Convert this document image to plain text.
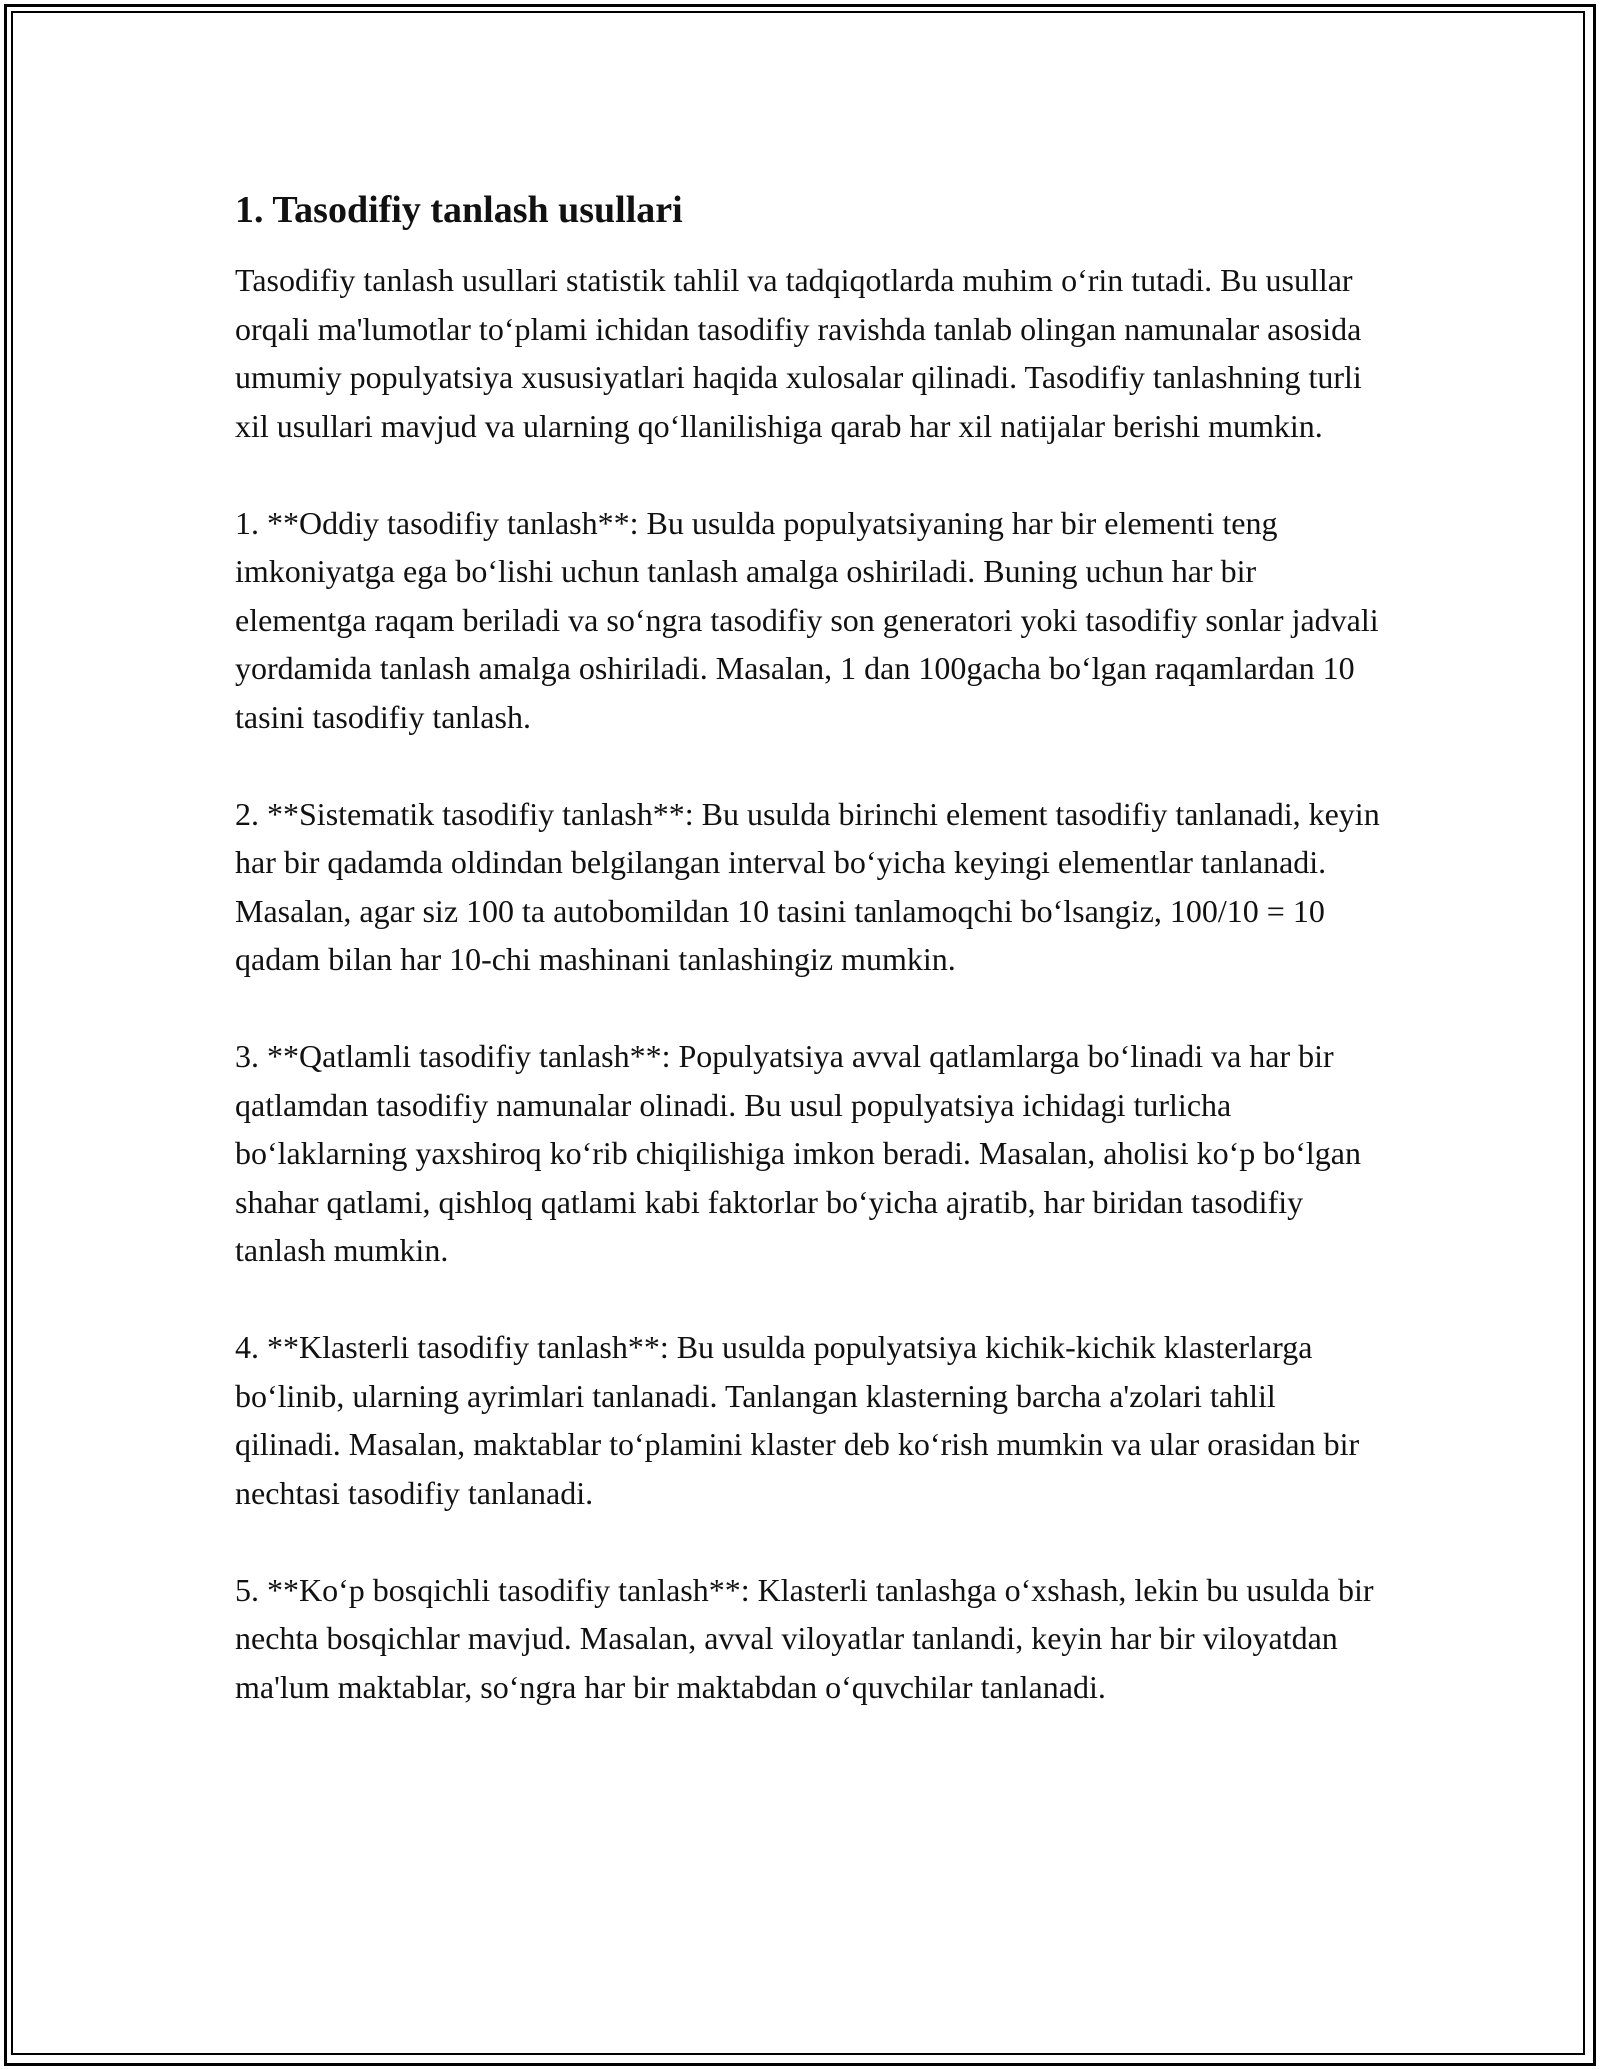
1. Tasodifiy tanlash usullari

Tasodifiy tanlash usullari statistik tahlil va tadqiqotlarda muhim o‘rin tutadi. Bu usullar orqali ma'lumotlar to‘plami ichidan tasodifiy ravishda tanlab olingan namunalar asosida umumiy populyatsiya xususiyatlari haqida xulosalar qilinadi. Tasodifiy tanlashning turli xil usullari mavjud va ularning qo‘llanilishiga qarab har xil natijalar berishi mumkin.

1. **Oddiy tasodifiy tanlash**: Bu usulda populyatsiyaning har bir elementi teng imkoniyatga ega bo‘lishi uchun tanlash amalga oshiriladi. Buning uchun har bir elementga raqam beriladi va so‘ngra tasodifiy son generatori yoki tasodifiy sonlar jadvali yordamida tanlash amalga oshiriladi. Masalan, 1 dan 100gacha bo‘lgan raqamlardan 10 tasini tasodifiy tanlash.

2. **Sistematik tasodifiy tanlash**: Bu usulda birinchi element tasodifiy tanlanadi, keyin har bir qadamda oldindan belgilangan interval bo‘yicha keyingi elementlar tanlanadi. Masalan, agar siz 100 ta autobomildan 10 tasini tanlamoqchi bo‘lsangiz, 100/10 = 10 qadam bilan har 10-chi mashinani tanlashingiz mumkin.

3. **Qatlamli tasodifiy tanlash**: Populyatsiya avval qatlamlarga bo‘linadi va har bir qatlamdan tasodifiy namunalar olinadi. Bu usul populyatsiya ichidagi turlicha bo‘laklarning yaxshiroq ko‘rib chiqilishiga imkon beradi. Masalan, aholisi ko‘p bo‘lgan shahar qatlami, qishloq qatlami kabi faktorlar bo‘yicha ajratib, har biridan tasodifiy tanlash mumkin.

4. **Klasterli tasodifiy tanlash**: Bu usulda populyatsiya kichik-kichik klasterlarga bo‘linib, ularning ayrimlari tanlanadi. Tanlangan klasterning barcha a'zolari tahlil qilinadi. Masalan, maktablar to‘plamini klaster deb ko‘rish mumkin va ular orasidan bir nechtasi tasodifiy tanlanadi.

5. **Ko‘p bosqichli tasodifiy tanlash**: Klasterli tanlashga o‘xshash, lekin bu usulda bir nechta bosqichlar mavjud. Masalan, avval viloyatlar tanlandi, keyin har bir viloyatdan ma'lum maktablar, so‘ngra har bir maktabdan o‘quvchilar tanlanadi.
